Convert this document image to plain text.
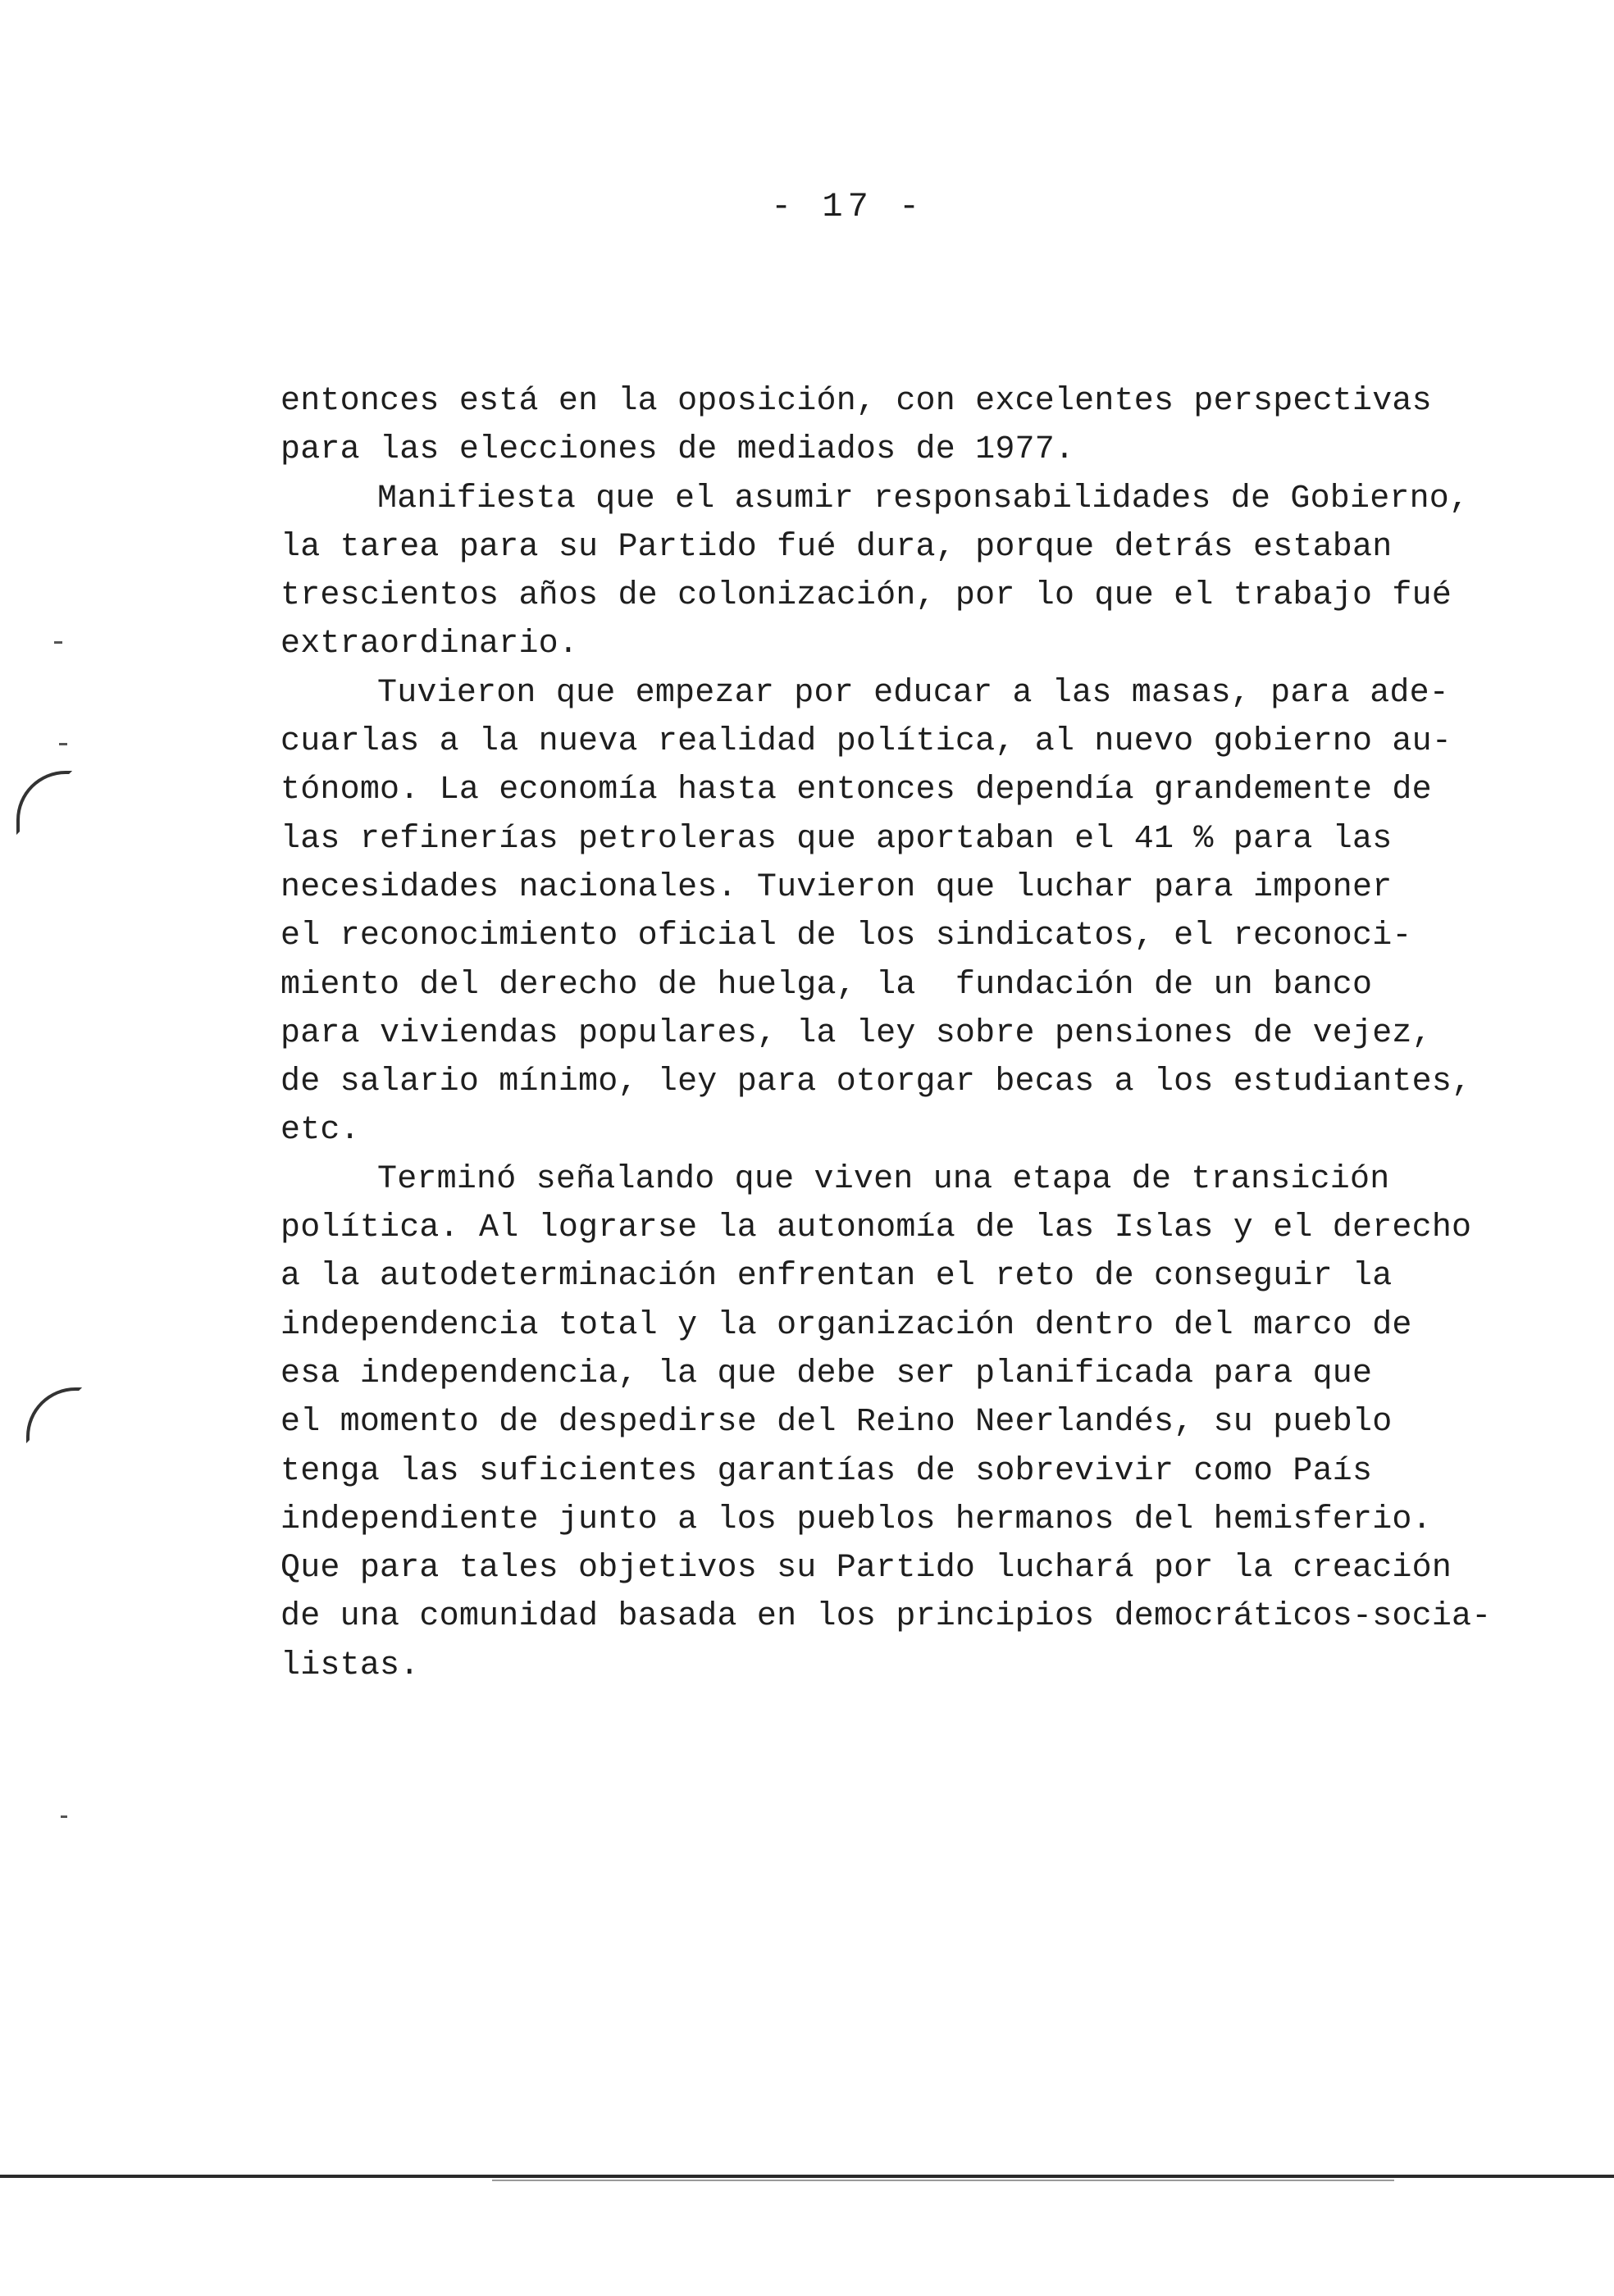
- 17 -
entonces está en la oposición, con excelentes perspectivas
para las elecciones de mediados de 1977.
Manifiesta que el asumir responsabilidades de Gobierno,
la tarea para su Partido fué dura, porque detrás estaban
trescientos años de colonización, por lo que el trabajo fué
extraordinario.
Tuvieron que empezar por educar a las masas, para ade-
cuarlas a la nueva realidad política, al nuevo gobierno au-
tónomo. La economía hasta entonces dependía grandemente de
las refinerías petroleras que aportaban el 41 % para las
necesidades nacionales. Tuvieron que luchar para imponer
el reconocimiento oficial de los sindicatos, el reconoci-
miento del derecho de huelga, la  fundación de un banco
para viviendas populares, la ley sobre pensiones de vejez,
de salario mínimo, ley para otorgar becas a los estudiantes,
etc.
Terminó señalando que viven una etapa de transición
política. Al lograrse la autonomía de las Islas y el derecho
a la autodeterminación enfrentan el reto de conseguir la
independencia total y la organización dentro del marco de
esa independencia, la que debe ser planificada para que
el momento de despedirse del Reino Neerlandés, su pueblo
tenga las suficientes garantías de sobrevivir como País
independiente junto a los pueblos hermanos del hemisferio.
Que para tales objetivos su Partido luchará por la creación
de una comunidad basada en los principios democráticos-socia-
listas.
